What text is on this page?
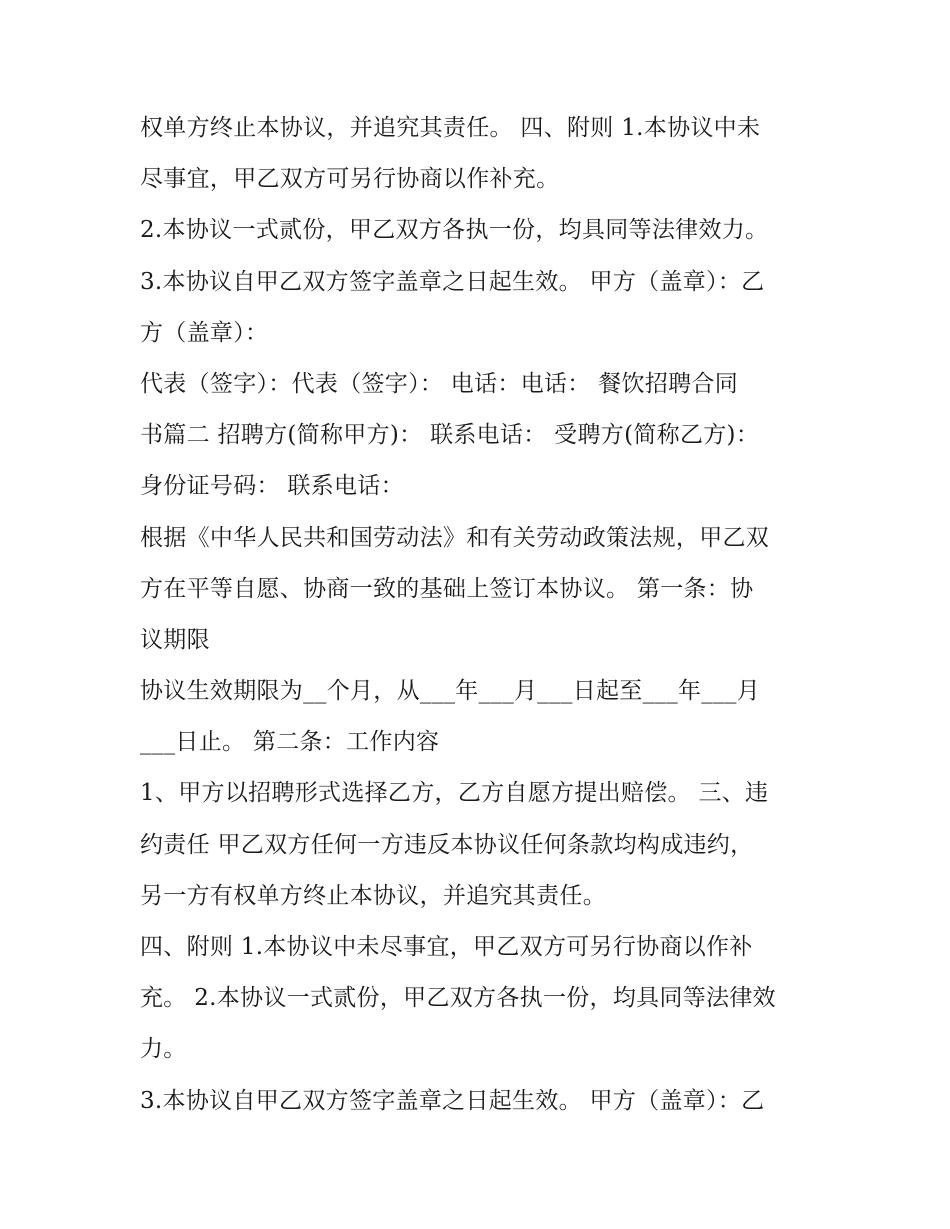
权单方终止本协议，并追究其责任。 四、附则 1.本协议中未
尽事宜，甲乙双方可另行协商以作补充。
2.本协议一式贰份，甲乙双方各执一份，均具同等法律效力。
3.本协议自甲乙双方签字盖章之日起生效。 甲方（盖章）：乙
方（盖章）：
代表（签字）：代表（签字）： 电话：电话： 餐饮招聘合同
书篇二 招聘方(简称甲方)： 联系电话： 受聘方(简称乙方)：
身份证号码： 联系电话：
根据《中华人民共和国劳动法》和有关劳动政策法规，甲乙双
方在平等自愿、协商一致的基础上签订本协议。 第一条：协
议期限
协议生效期限为__个月，从___年___月___日起至___年___月
___日止。 第二条：工作内容
1、甲方以招聘形式选择乙方，乙方自愿方提出赔偿。 三、违
约责任 甲乙双方任何一方违反本协议任何条款均构成违约，
另一方有权单方终止本协议，并追究其责任。
四、附则 1.本协议中未尽事宜，甲乙双方可另行协商以作补
充。 2.本协议一式贰份，甲乙双方各执一份，均具同等法律效
力。
3.本协议自甲乙双方签字盖章之日起生效。 甲方（盖章）：乙
